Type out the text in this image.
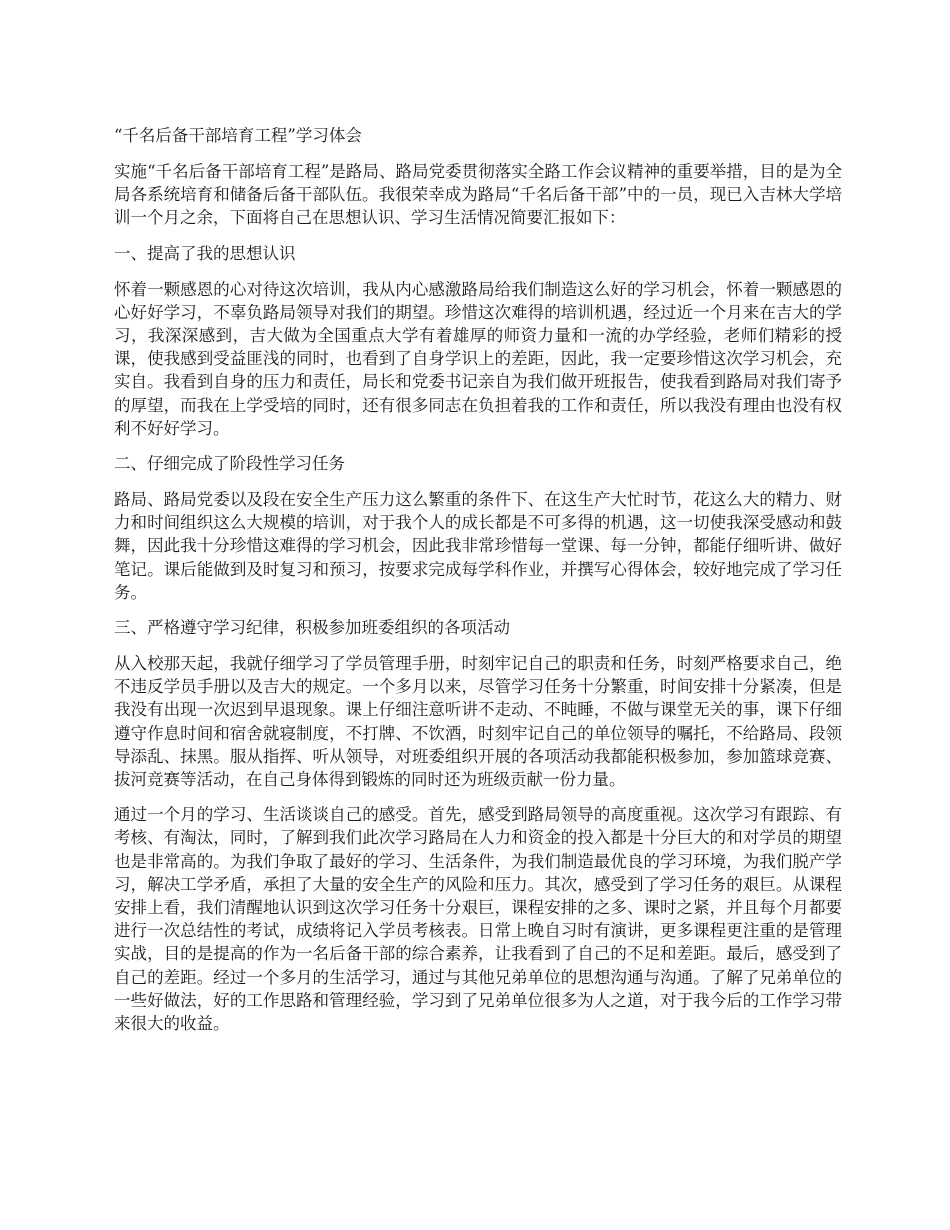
“千名后备干部培育工程”学习体会
实施“千名后备干部培育工程”是路局、路局党委贯彻落实全路工作会议精神的重要举措，目的是为全局各系统培育和储备后备干部队伍。我很荣幸成为路局“千名后备干部”中的一员，现已入吉林大学培训一个月之余，下面将自己在思想认识、学习生活情况简要汇报如下：
一、提高了我的思想认识
怀着一颗感恩的心对待这次培训，我从内心感激路局给我们制造这么好的学习机会，怀着一颗感恩的心好好学习，不辜负路局领导对我们的期望。珍惜这次难得的培训机遇，经过近一个月来在吉大的学习，我深深感到，吉大做为全国重点大学有着雄厚的师资力量和一流的办学经验，老师们精彩的授课，使我感到受益匪浅的同时，也看到了自身学识上的差距，因此，我一定要珍惜这次学习机会，充实自。我看到自身的压力和责任，局长和党委书记亲自为我们做开班报告，使我看到路局对我们寄予的厚望，而我在上学受培的同时，还有很多同志在负担着我的工作和责任，所以我没有理由也没有权利不好好学习。
二、仔细完成了阶段性学习任务
路局、路局党委以及段在安全生产压力这么繁重的条件下、在这生产大忙时节，花这么大的精力、财力和时间组织这么大规模的培训，对于我个人的成长都是不可多得的机遇，这一切使我深受感动和鼓舞，因此我十分珍惜这难得的学习机会，因此我非常珍惜每一堂课、每一分钟，都能仔细听讲、做好笔记。课后能做到及时复习和预习，按要求完成每学科作业，并撰写心得体会，较好地完成了学习任务。
三、严格遵守学习纪律，积极参加班委组织的各项活动
从入校那天起，我就仔细学习了学员管理手册，时刻牢记自己的职责和任务，时刻严格要求自己，绝不违反学员手册以及吉大的规定。一个多月以来，尽管学习任务十分繁重，时间安排十分紧凑，但是我没有出现一次迟到早退现象。课上仔细注意听讲不走动、不盹睡，不做与课堂无关的事，课下仔细遵守作息时间和宿舍就寝制度，不打牌、不饮酒，时刻牢记自己的单位领导的嘱托，不给路局、段领导添乱、抹黑。服从指挥、听从领导，对班委组织开展的各项活动我都能积极参加，参加篮球竞赛、拔河竞赛等活动，在自己身体得到锻炼的同时还为班级贡献一份力量。
通过一个月的学习、生活谈谈自己的感受。首先，感受到路局领导的高度重视。这次学习有跟踪、有考核、有淘汰，同时，了解到我们此次学习路局在人力和资金的投入都是十分巨大的和对学员的期望也是非常高的。为我们争取了最好的学习、生活条件，为我们制造最优良的学习环境，为我们脱产学习，解决工学矛盾，承担了大量的安全生产的风险和压力。其次，感受到了学习任务的艰巨。从课程安排上看，我们清醒地认识到这次学习任务十分艰巨，课程安排的之多、课时之紧，并且每个月都要进行一次总结性的考试，成绩将记入学员考核表。日常上晚自习时有演讲，更多课程更注重的是管理实战，目的是提高的作为一名后备干部的综合素养，让我看到了自己的不足和差距。最后，感受到了自己的差距。经过一个多月的生活学习，通过与其他兄弟单位的思想沟通与沟通。了解了兄弟单位的一些好做法，好的工作思路和管理经验，学习到了兄弟单位很多为人之道，对于我今后的工作学习带来很大的收益。
